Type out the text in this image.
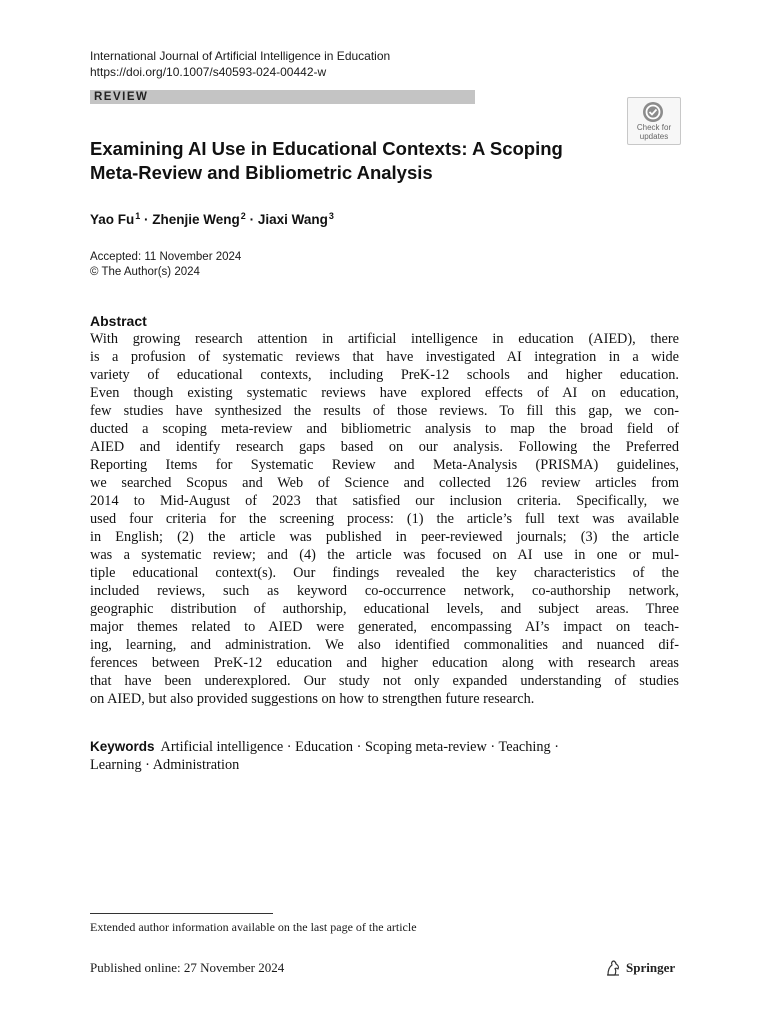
International Journal of Artificial Intelligence in Education
https://doi.org/10.1007/s40593-024-00442-w
REVIEW
Check for
updates
Examining AI Use in Educational Contexts: A Scoping
Meta-Review and Bibliometric Analysis
Yao $Fu^1$ · Zhenjie Weng$^2$ · Jiaxi Wang$^3$
Accepted: 11 November 2024
© The Author(s) 2024
Abstract
With growing research attention in artificial intelligence in education (AIED), there
is a profusion of systematic reviews that have investigated AI integration in a wide
variety of educational contexts, including PreK-12 schools and higher education.
Even though existing systematic reviews have explored effects of AI on education,
few studies have synthesized the results of those reviews. To fill this gap, we con-
ducted a scoping meta-review and bibliometric analysis to map the broad field of
AIED and identify research gaps based on our analysis. Following the Preferred
Reporting Items for Systematic Review and Meta-Analysis (PRISMA) guidelines,
we searched Scopus and Web of Science and collected 126 review articles from
2014 to Mid-August of 2023 that satisfied our inclusion criteria. Specifically, we
used four criteria for the screening process: (1) the article’s full text was available
in English; (2) the article was published in peer-reviewed journals; (3) the article
was a systematic review; and (4) the article was focused on AI use in one or mul-
tiple educational context(s). Our findings revealed the key characteristics of the
included reviews, such as keyword co-occurrence network, co-authorship network,
geographic distribution of authorship, educational levels, and subject areas. Three
major themes related to AIED were generated, encompassing AI’s impact on teach-
ing, learning, and administration. We also identified commonalities and nuanced dif-
ferences between PreK-12 education and higher education along with research areas
that have been underexplored. Our study not only expanded understanding of studies
on AIED, but also provided suggestions on how to strengthen future research.
Keywords Artificial intelligence · Education · Scoping meta-review · Teaching ·
Learning · Administration
Extended author information available on the last page of the article
Published online: 27 November 2024	Springer
